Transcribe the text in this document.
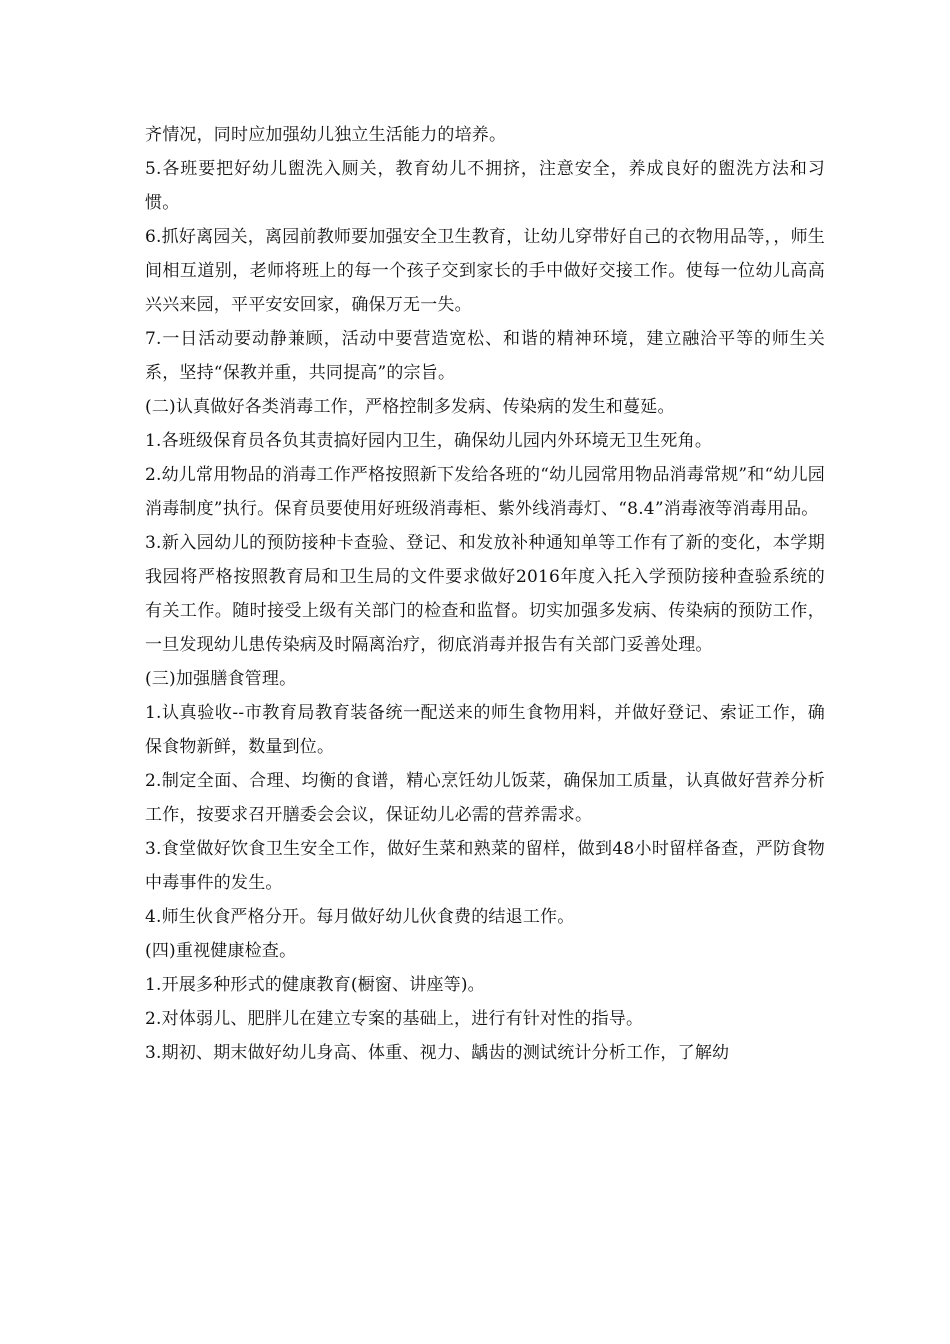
齐情况，同时应加强幼儿独立生活能力的培养。

5.各班要把好幼儿盥洗入厕关，教育幼儿不拥挤，注意安全，养成良好的盥洗方法和习惯。

6.抓好离园关，离园前教师要加强安全卫生教育，让幼儿穿带好自己的衣物用品等，，师生间相互道别，老师将班上的每一个孩子交到家长的手中做好交接工作。使每一位幼儿高高兴兴来园，平平安安回家，确保万无一失。

7.一日活动要动静兼顾，活动中要营造宽松、和谐的精神环境，建立融洽平等的师生关系，坚持“保教并重，共同提高”的宗旨。

(二)认真做好各类消毒工作，严格控制多发病、传染病的发生和蔓延。

1.各班级保育员各负其责搞好园内卫生，确保幼儿园内外环境无卫生死角。

2.幼儿常用物品的消毒工作严格按照新下发给各班的“幼儿园常用物品消毒常规”和“幼儿园消毒制度”执行。保育员要使用好班级消毒柜、紫外线消毒灯、“8.4”消毒液等消毒用品。

3.新入园幼儿的预防接种卡查验、登记、和发放补种通知单等工作有了新的变化，本学期我园将严格按照教育局和卫生局的文件要求做好2016年度入托入学预防接种查验系统的有关工作。随时接受上级有关部门的检查和监督。切实加强多发病、传染病的预防工作，一旦发现幼儿患传染病及时隔离治疗，彻底消毒并报告有关部门妥善处理。

(三)加强膳食管理。

1.认真验收--市教育局教育装备统一配送来的师生食物用料，并做好登记、索证工作，确保食物新鲜，数量到位。

2.制定全面、合理、均衡的食谱，精心烹饪幼儿饭菜，确保加工质量，认真做好营养分析工作，按要求召开膳委会会议，保证幼儿必需的营养需求。

3.食堂做好饮食卫生安全工作，做好生菜和熟菜的留样，做到48小时留样备查，严防食物中毒事件的发生。

4.师生伙食严格分开。每月做好幼儿伙食费的结退工作。

(四)重视健康检查。

1.开展多种形式的健康教育(橱窗、讲座等)。

2.对体弱儿、肥胖儿在建立专案的基础上，进行有针对性的指导。

3.期初、期末做好幼儿身高、体重、视力、龋齿的测试统计分析工作，了解幼
